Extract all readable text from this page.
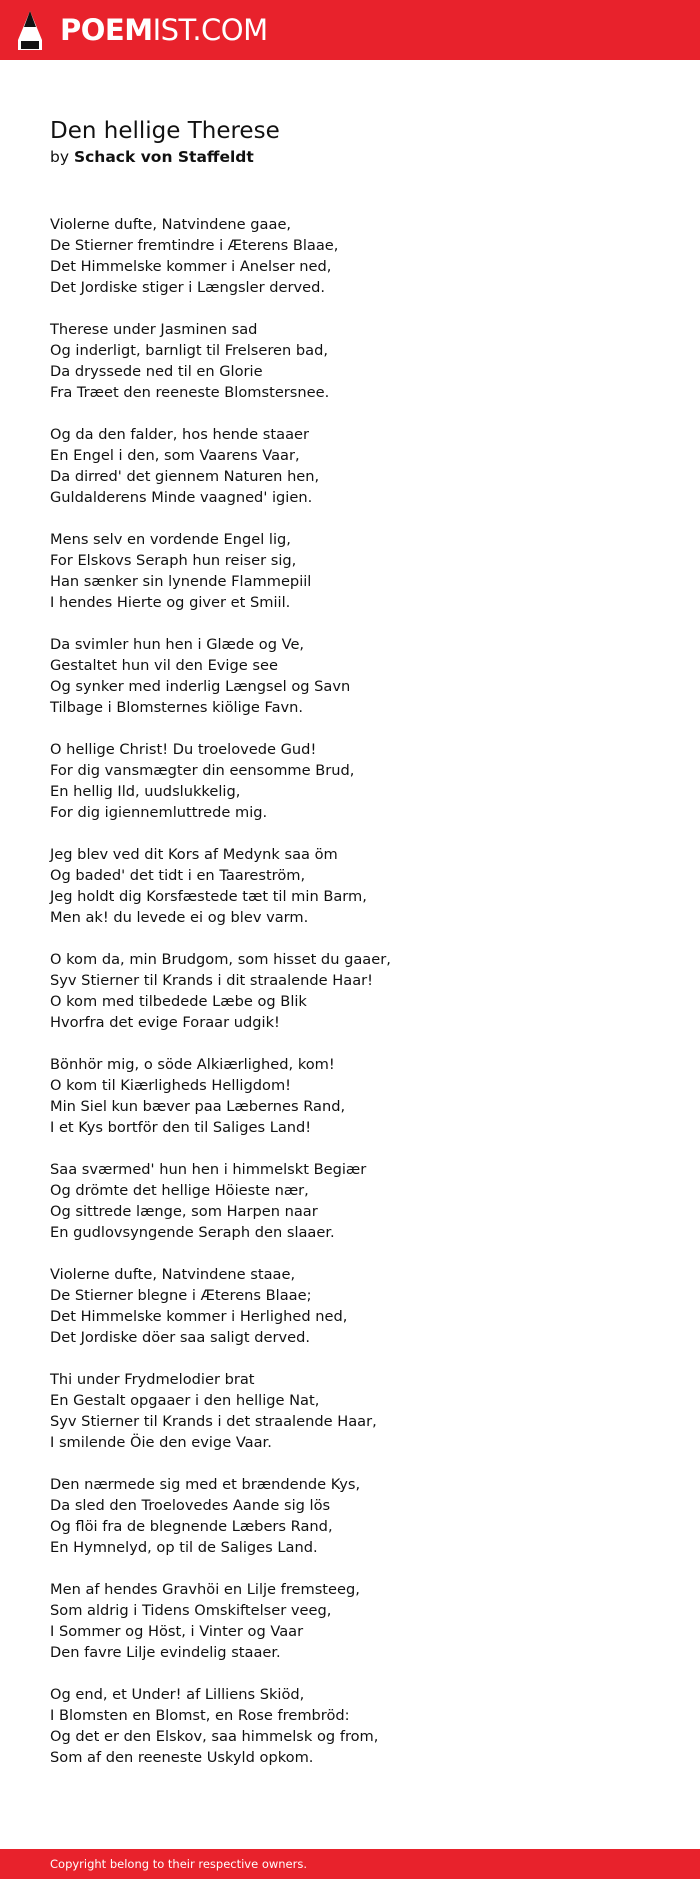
POEMIST.COM
Den hellige Therese

by Schack von Staffeldt

Violerne dufte, Natvindene gaae,
De Stierner fremtindre i Æterens Blaae,
Det Himmelske kommer i Anelser ned,
Det Jordiske stiger i Længsler derved.

Therese under Jasminen sad
Og inderligt, barnligt til Frelseren bad,
Da dryssede ned til en Glorie
Fra Træet den reeneste Blomstersnee.

Og da den falder, hos hende staaer
En Engel i den, som Vaarens Vaar,
Da dirred' det giennem Naturen hen,
Guldalderens Minde vaagned' igien.

Mens selv en vordende Engel lig,
For Elskovs Seraph hun reiser sig,
Han sænker sin lynende Flammepiil
I hendes Hierte og giver et Smiil.

Da svimler hun hen i Glæde og Ve,
Gestaltet hun vil den Evige see
Og synker med inderlig Længsel og Savn
Tilbage i Blomsternes kiölige Favn.

O hellige Christ! Du troelovede Gud!
For dig vansmægter din eensomme Brud,
En hellig Ild, uudslukkelig,
For dig igiennemluttrede mig.

Jeg blev ved dit Kors af Medynk saa öm
Og baded' det tidt i en Taareström,
Jeg holdt dig Korsfæstede tæt til min Barm,
Men ak! du levede ei og blev varm.

O kom da, min Brudgom, som hisset du gaaer,
Syv Stierner til Krands i dit straalende Haar!
O kom med tilbedede Læbe og Blik
Hvorfra det evige Foraar udgik!

Bönhör mig, o söde Alkiærlighed, kom!
O kom til Kiærligheds Helligdom!
Min Siel kun bæver paa Læbernes Rand,
I et Kys bortför den til Saliges Land!

Saa sværmed' hun hen i himmelskt Begiær
Og drömte det hellige Höieste nær,
Og sittrede længe, som Harpen naar
En gudlovsyngende Seraph den slaaer.

Violerne dufte, Natvindene staae,
De Stierner blegne i Æterens Blaae;
Det Himmelske kommer i Herlighed ned,
Det Jordiske döer saa saligt derved.

Thi under Frydmelodier brat
En Gestalt opgaaer i den hellige Nat,
Syv Stierner til Krands i det straalende Haar,
I smilende Öie den evige Vaar.

Den nærmede sig med et brændende Kys,
Da sled den Troelovedes Aande sig lös
Og flöi fra de blegnende Læbers Rand,
En Hymnelyd, op til de Saliges Land.

Men af hendes Gravhöi en Lilje fremsteeg,
Som aldrig i Tidens Omskiftelser veeg,
I Sommer og Höst, i Vinter og Vaar
Den favre Lilje evindelig staaer.

Og end, et Under! af Lilliens Skiöd,
I Blomsten en Blomst, en Rose frembröd:
Og det er den Elskov, saa himmelsk og from,
Som af den reeneste Uskyld opkom.

Copyright belong to their respective owners.
